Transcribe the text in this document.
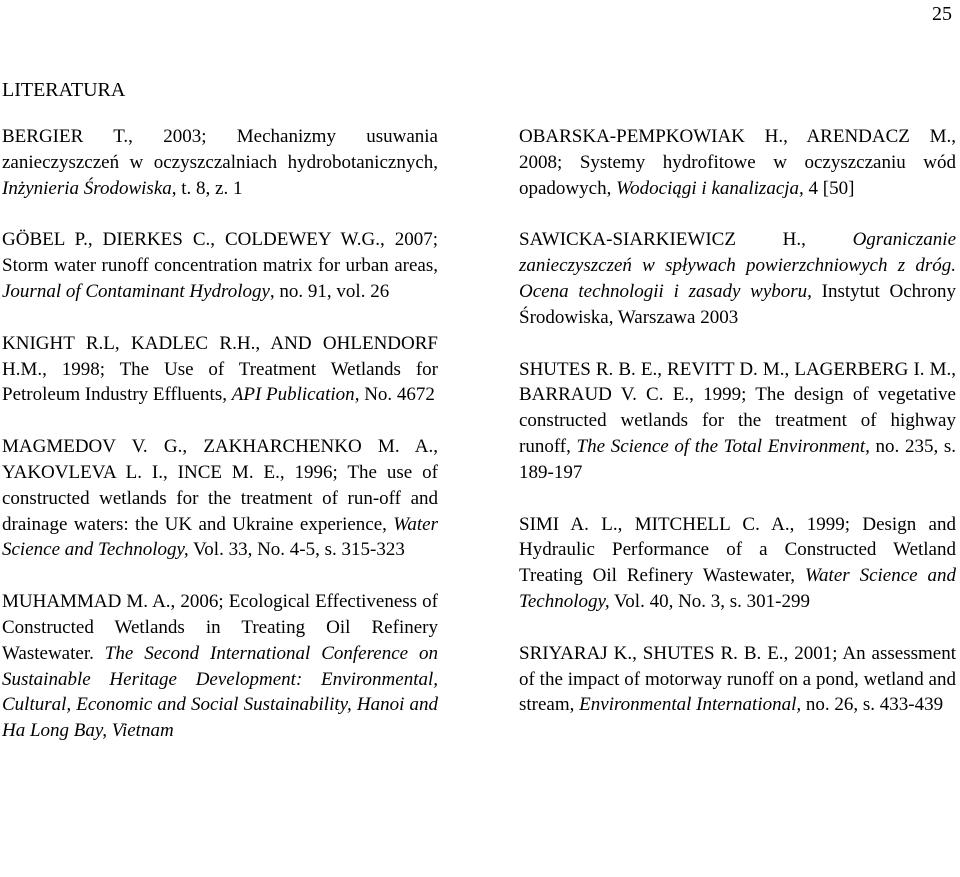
25
LITERATURA

BERGIER T., 2003; Mechanizmy usuwania zanieczyszczeń w oczyszczalniach hydrobotanicznych, Inżynieria Środowiska, t. 8, z. 1

GÖBEL P., DIERKES C., COLDEWEY W.G., 2007; Storm water runoff concentration matrix for urban areas, Journal of Contaminant Hydrology, no. 91, vol. 26

KNIGHT R.L, KADLEC R.H., AND OHLENDORF H.M., 1998; The Use of Treatment Wetlands for Petroleum Industry Effluents, API Publication, No. 4672

MAGMEDOV V. G., ZAKHARCHENKO M. A., YAKOVLEVA L. I., INCE M. E., 1996; The use of constructed wetlands for the treatment of run-off and drainage waters: the UK and Ukraine experience, Water Science and Technology, Vol. 33, No. 4-5, s. 315-323

MUHAMMAD M. A., 2006; Ecological Effectiveness of Constructed Wetlands in Treating Oil Refinery Wastewater. The Second International Conference on Sustainable Heritage Development: Environmental, Cultural, Economic and Social Sustainability, Hanoi and Ha Long Bay, Vietnam

OBARSKA-PEMPKOWIAK H., ARENDACZ M., 2008; Systemy hydrofitowe w oczyszczaniu wód opadowych, Wodociągi i kanalizacja, 4 [50]

SAWICKA-SIARKIEWICZ H., Ograniczanie zanieczyszczeń w spływach powierzchniowych z dróg. Ocena technologii i zasady wyboru, Instytut Ochrony Środowiska, Warszawa 2003

SHUTES R. B. E., REVITT D. M., LAGERBERG I. M., BARRAUD V. C. E., 1999; The design of vegetative constructed wetlands for the treatment of highway runoff, The Science of the Total Environment, no. 235, s. 189-197

SIMI A. L., MITCHELL C. A., 1999; Design and Hydraulic Performance of a Constructed Wetland Treating Oil Refinery Wastewater, Water Science and Technology, Vol. 40, No. 3, s. 301-299

SRIYARAJ K., SHUTES R. B. E., 2001; An assessment of the impact of motorway runoff on a pond, wetland and stream, Environmental International, no. 26, s. 433-439
